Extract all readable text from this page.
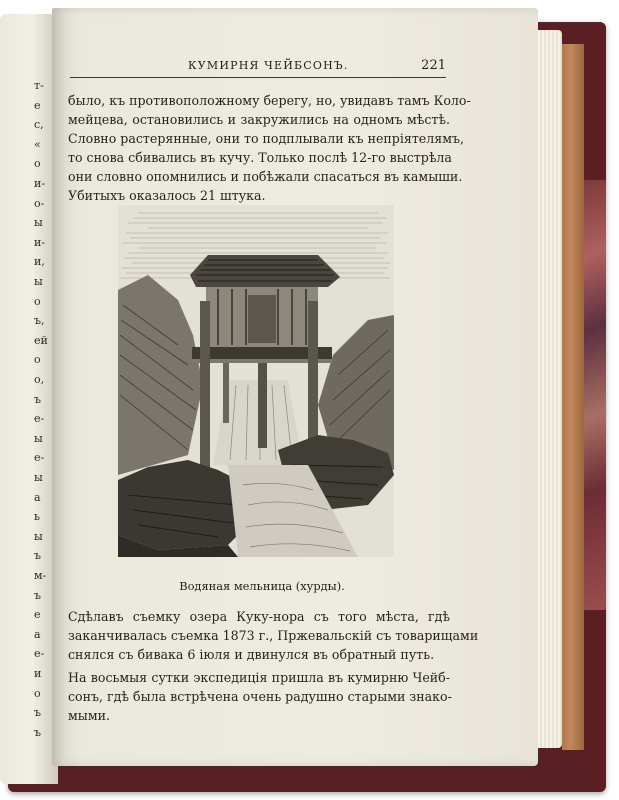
т-
е
с,
«
о
и-
о-
ы
и-
и,
ы
о
ъ,
ей
о
о,
ъ
е-
ы
е-
ы
а
ь
ы
ъ
м-
ъ
е
а
е-
и
о
ъ
ъ
КУМИРНЯ ЧЕЙБСОНЪ.	221
было, къ противоположному берегу, но, увидавъ тамъ Коло-
мейцева, остановились и закружились на одномъ мѣстѣ.
Словно растерянные, они то подплывали къ непріятелямъ,
то снова сбивались въ кучу. Только послѣ 12-го выстрѣла
они словно опомнились и побѣжали спасаться въ камыши.
Убитыхъ оказалось 21 штука.
Водяная мельница (хурды).
Сдѣлавъ съемку озера Куку-нора съ того мѣста, гдѣ
заканчивалась съемка 1873 г., Пржевальскій съ товарищами
снялся съ бивака 6 іюля и двинулся въ обратный путь.
На восьмыя сутки экспедиція пришла въ кумирню Чейб-
сонъ, гдѣ была встрѣчена очень радушно старыми знако-
мыми.
